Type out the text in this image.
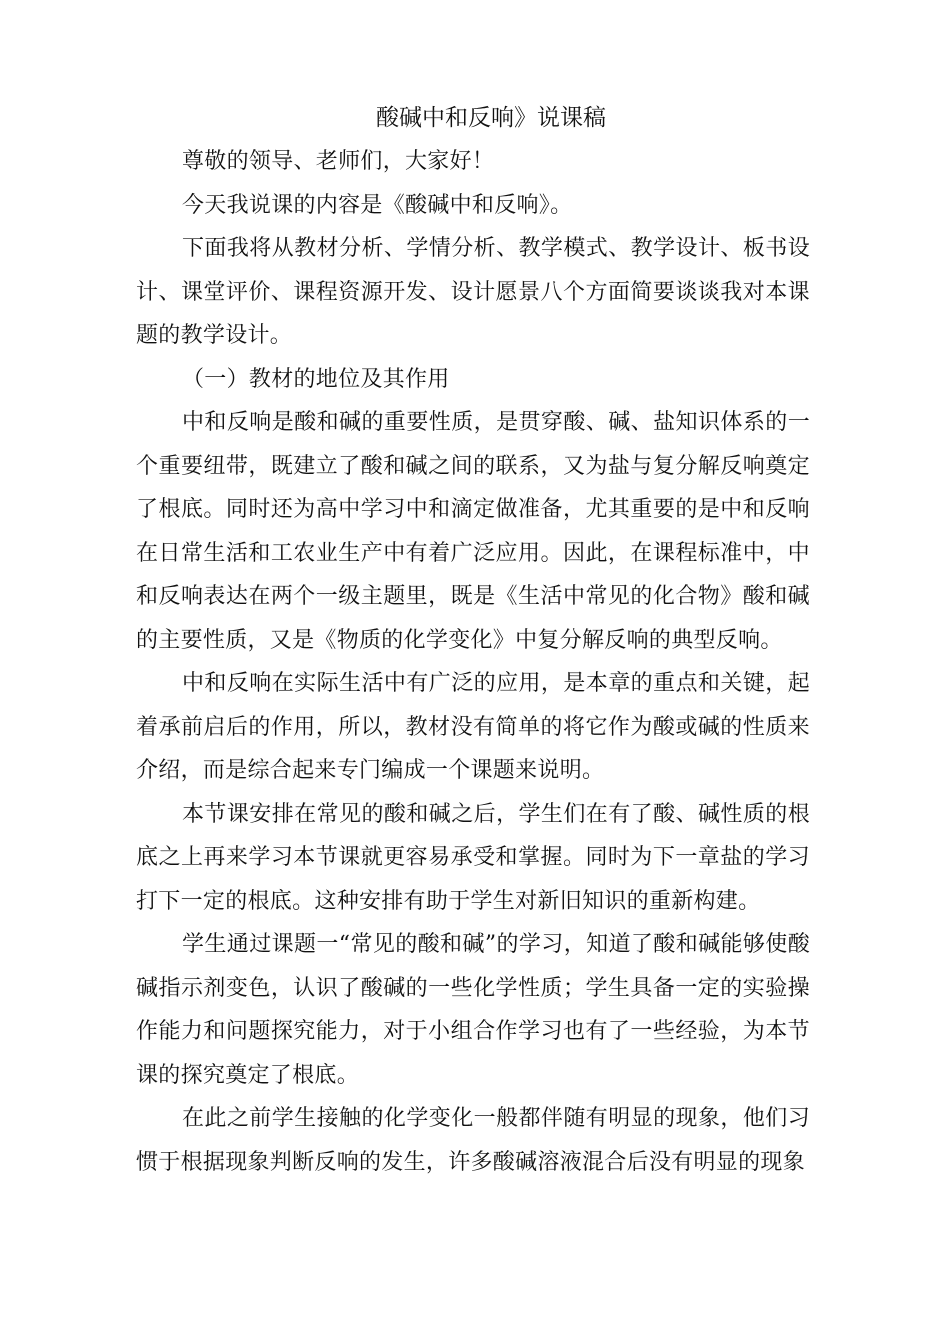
酸碱中和反响》说课稿

尊敬的领导、老师们，大家好！

今天我说课的内容是《酸碱中和反响》。

下面我将从教材分析、学情分析、教学模式、教学设计、板书设计、课堂评价、课程资源开发、设计愿景八个方面简要谈谈我对本课题的教学设计。

（一）教材的地位及其作用

中和反响是酸和碱的重要性质，是贯穿酸、碱、盐知识体系的一个重要纽带，既建立了酸和碱之间的联系，又为盐与复分解反响奠定了根底。同时还为高中学习中和滴定做准备，尤其重要的是中和反响在日常生活和工农业生产中有着广泛应用。因此，在课程标准中，中和反响表达在两个一级主题里，既是《生活中常见的化合物》酸和碱的主要性质，又是《物质的化学变化》中复分解反响的典型反响。

中和反响在实际生活中有广泛的应用，是本章的重点和关键，起着承前启后的作用，所以，教材没有简单的将它作为酸或碱的性质来介绍，而是综合起来专门编成一个课题来说明。

本节课安排在常见的酸和碱之后，学生们在有了酸、碱性质的根底之上再来学习本节课就更容易承受和掌握。同时为下一章盐的学习打下一定的根底。这种安排有助于学生对新旧知识的重新构建。

学生通过课题一“常见的酸和碱”的学习，知道了酸和碱能够使酸碱指示剂变色，认识了酸碱的一些化学性质；学生具备一定的实验操作能力和问题探究能力，对于小组合作学习也有了一些经验，为本节课的探究奠定了根底。

在此之前学生接触的化学变化一般都伴随有明显的现象，他们习惯于根据现象判断反响的发生，许多酸碱溶液混合后没有明显的现象
